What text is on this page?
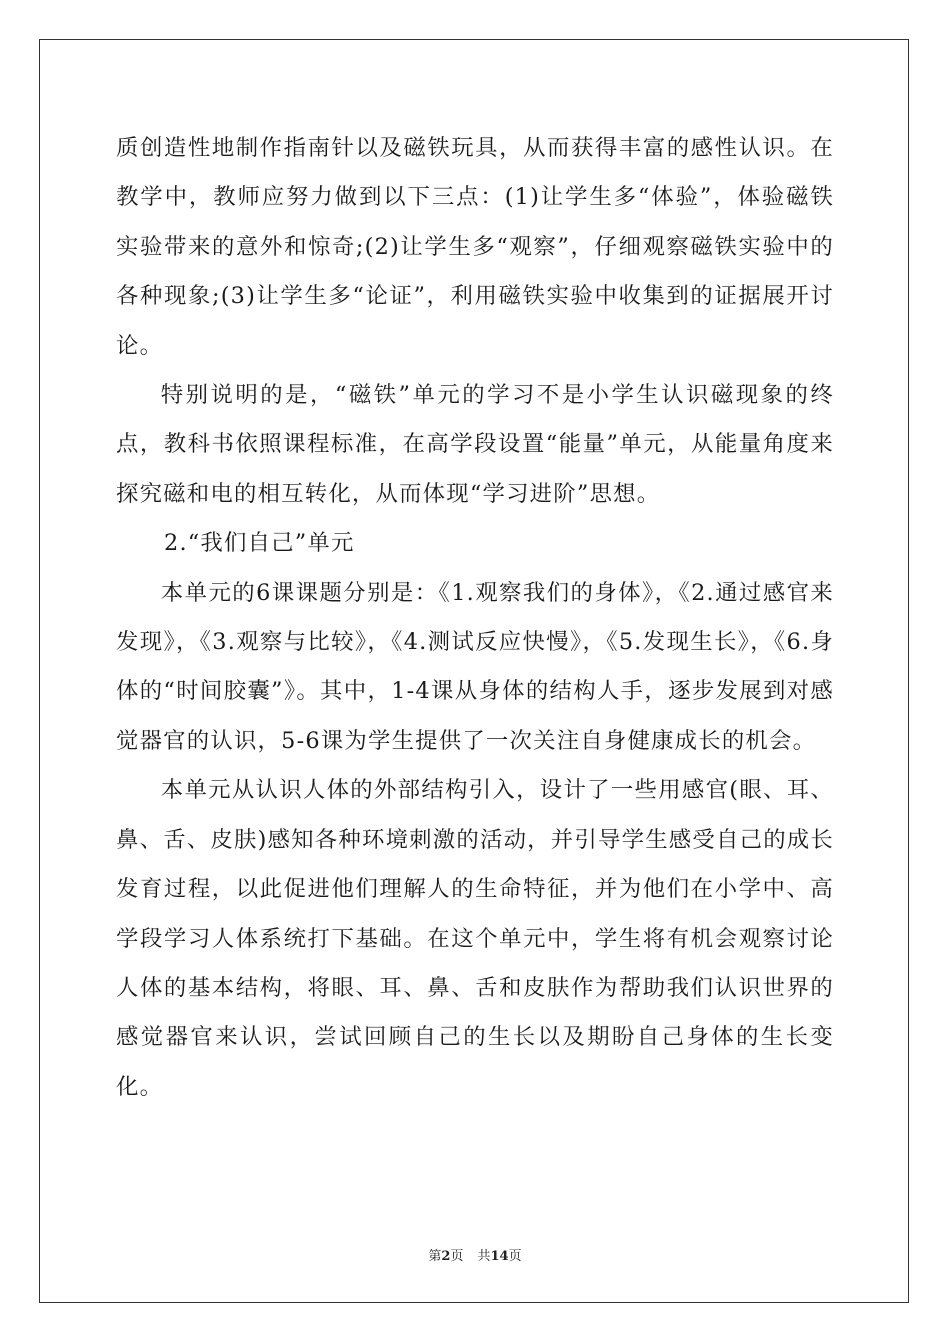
质创造性地制作指南针以及磁铁玩具，从而获得丰富的感性认识。在教学中，教师应努力做到以下三点：(1)让学生多“体验”，体验磁铁实验带来的意外和惊奇;(2)让学生多“观察”，仔细观察磁铁实验中的各种现象;(3)让学生多“论证”，利用磁铁实验中收集到的证据展开讨论。

特别说明的是，“磁铁”单元的学习不是小学生认识磁现象的终点，教科书依照课程标准，在高学段设置“能量”单元，从能量角度来探究磁和电的相互转化，从而体现“学习进阶”思想。

2.“我们自己”单元

本单元的6课课题分别是：《1.观察我们的身体》，《2.通过感官来发现》，《3.观察与比较》，《4.测试反应快慢》，《5.发现生长》，《6.身体的“时间胶囊”》。其中，1-4课从身体的结构人手，逐步发展到对感觉器官的认识，5-6课为学生提供了一次关注自身健康成长的机会。

本单元从认识人体的外部结构引入，设计了一些用感官(眼、耳、鼻、舌、皮肤)感知各种环境刺激的活动，并引导学生感受自己的成长发育过程，以此促进他们理解人的生命特征，并为他们在小学中、高学段学习人体系统打下基础。在这个单元中，学生将有机会观察讨论人体的基本结构，将眼、耳、鼻、舌和皮肤作为帮助我们认识世界的感觉器官来认识，尝试回顾自己的生长以及期盼自己身体的生长变化。

第2页 共14页
